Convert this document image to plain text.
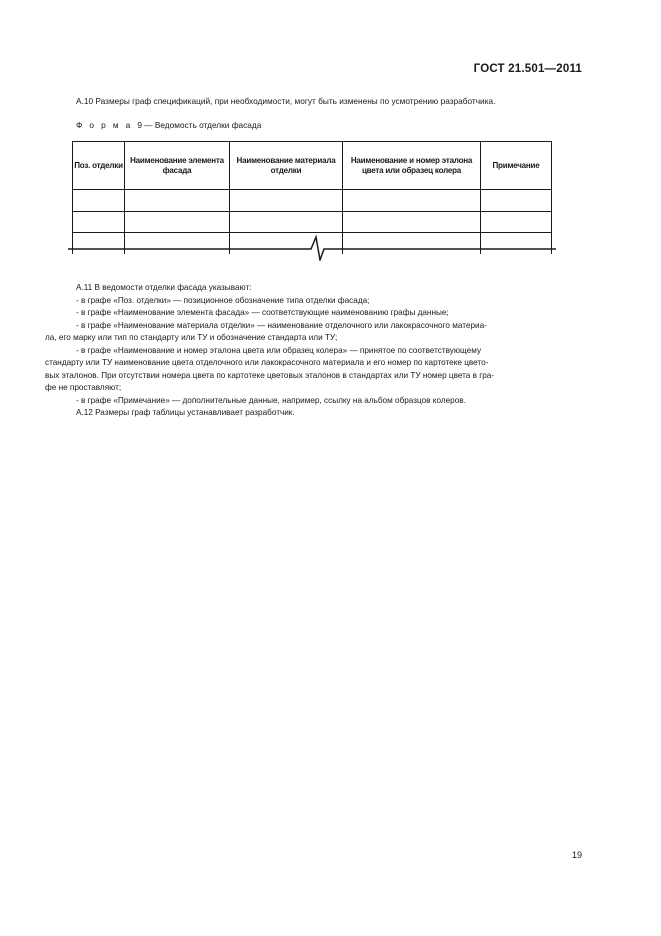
ГОСТ 21.501—2011
А.10 Размеры граф спецификаций, при необходимости, могут быть изменены по усмотрению разработчика.
Ф о р м а 9 — Ведомость отделки фасада
Поз. отделки	Наименование элемента фасада	Наименование материала отделки	Наименование и номер эталона цвета или образец колера	Примечание

А.11 В ведомости отделки фасада указывают:
- в графе «Поз. отделки» — позиционное обозначение типа отделки фасада;
- в графе «Наименование элемента фасада» — соответствующие наименованию графы данные;
- в графе «Наименование материала отделки» — наименование отделочного или лакокрасочного материа-
ла, его марку или тип по стандарту или ТУ и обозначение стандарта или ТУ;
- в графе «Наименование и номер эталона цвета или образец колера» — принятое по соответствующему
стандарту или ТУ наименование цвета отделочного или лакокрасочного материала и его номер по картотеке цвето-
вых эталонов. При отсутствии номера цвета по картотеке цветовых эталонов в стандартах или ТУ номер цвета в гра-
фе не проставляют;
- в графе «Примечание» — дополнительные данные, например, ссылку на альбом образцов колеров.
А.12 Размеры граф таблицы устанавливает разработчик.
19
